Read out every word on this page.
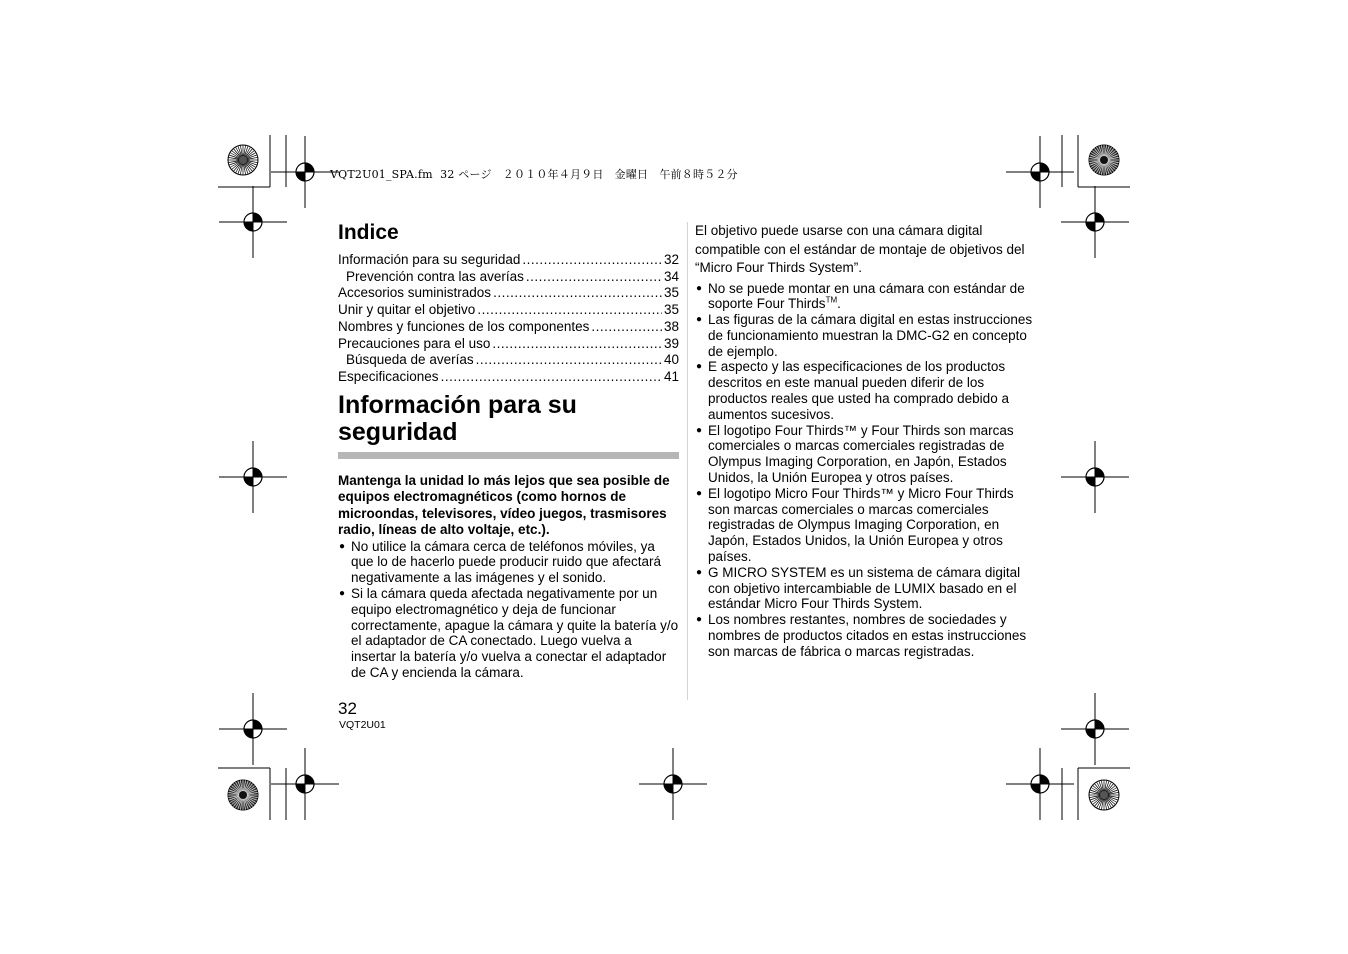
VQT2U01_SPA.fm 32 ページ ２０１０年４月９日 金曜日 午前８時５２分
Indice
Información para su seguridad .....	32
Prevención contra las averías .....	34
Accesorios suministrados .....	35
Unir y quitar el objetivo .....	35
Nombres y funciones de los componentes .....	38
Precauciones para el uso .....	39
Búsqueda de averías .....	40
Especificaciones .....	41
Información para su
seguridad

Mantenga la unidad lo más lejos que sea posible de equipos electromagnéticos (como hornos de microondas, televisores, vídeo juegos, trasmisores radio, líneas de alto voltaje, etc.).

● No utilice la cámara cerca de teléfonos móviles, ya que lo de hacerlo puede producir ruido que afectará negativamente a las imágenes y el sonido.
● Si la cámara queda afectada negativamente por un equipo electromagnético y deja de funcionar correctamente, apague la cámara y quite la batería y/o el adaptador de CA conectado. Luego vuelva a insertar la batería y/o vuelva a conectar el adaptador de CA y encienda la cámara.

El objetivo puede usarse con una cámara digital compatible con el estándar de montaje de objetivos del “Micro Four Thirds System”.

● No se puede montar en una cámara con estándar de soporte Four Thirds™.
● Las figuras de la cámara digital en estas instrucciones de funcionamiento muestran la DMC-G2 en concepto de ejemplo.
● E aspecto y las especificaciones de los productos descritos en este manual pueden diferir de los productos reales que usted ha comprado debido a aumentos sucesivos.
● El logotipo Four Thirds™ y Four Thirds son marcas comerciales o marcas comerciales registradas de Olympus Imaging Corporation, en Japón, Estados Unidos, la Unión Europea y otros países.
● El logotipo Micro Four Thirds™ y Micro Four Thirds son marcas comerciales o marcas comerciales registradas de Olympus Imaging Corporation, en Japón, Estados Unidos, la Unión Europea y otros países.
● G MICRO SYSTEM es un sistema de cámara digital con objetivo intercambiable de LUMIX basado en el estándar Micro Four Thirds System.
● Los nombres restantes, nombres de sociedades y nombres de productos citados en estas instrucciones son marcas de fábrica o marcas registradas.
32
VQT2U01
